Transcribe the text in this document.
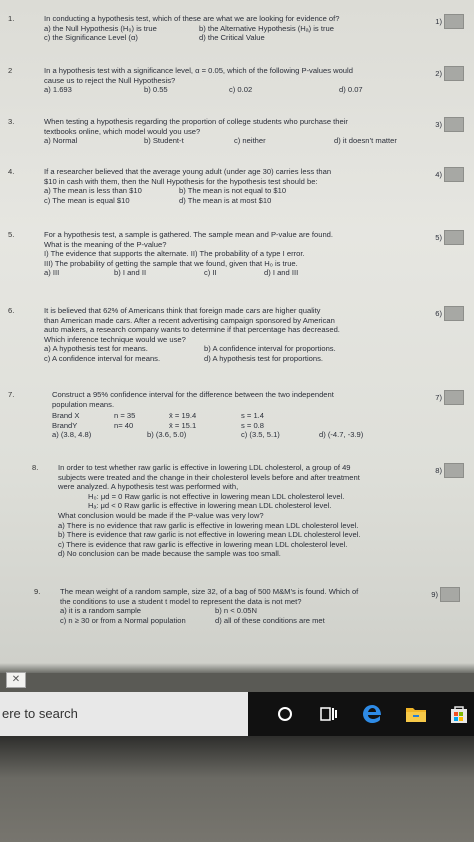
1.	In conducting a hypothesis test, which of these are what we are looking for evidence of?
a) the Null Hypothesis (H₀) is true	b) the Alternative Hypothesis (Hₐ) is true
c) the Significance Level (α)	d) the Critical Value
1)
2	In a hypothesis test with a significance level, α = 0.05, which of the following P-values would
cause us to reject the Null Hypothesis?
a) 1.693	b) 0.55	c) 0.02	d) 0.07
2)
3.	When testing a hypothesis regarding the proportion of college students who purchase their
textbooks online, which model would you use?
a) Normal	b) Student-t	c) neither	d) it doesn’t matter
3)
4.	If a researcher believed that the average young adult (under age 30) carries less than
$10 in cash with them, then the Null Hypothesis for the hypothesis test should be:
a) The mean is less than $10	b) The mean is not equal to $10
c) The mean is equal $10	d) The mean is at most $10
4)
5.	For a hypothesis test, a sample is gathered. The sample mean and P-value are found.
What is the meaning of the P-value?
I) The evidence that supports the alternate. II) The probability of a type I error.
III) The probability of getting the sample that we found, given that H₀ is true.
a) III	b) I and II	c) II	d) I and III
5)
6.	It is believed that 62% of Americans think that foreign made cars are higher quality
than American made cars. After a recent advertising campaign sponsored by American
auto makers, a research company wants to determine if that percentage has decreased.
Which inference technique would we use?
a) A hypothesis test for means.	b) A confidence interval for proportions.
c) A confidence interval for means.	d) A hypothesis test for proportions.
6)
7.	Construct a 95% confidence interval for the difference between the two independent
population means.
Brand X	n = 35	x̄ = 19.4	s = 1.4
BrandY	n= 40	x̄ = 15.1	s = 0.8
a) (3.8, 4.8)	b) (3.6, 5.0)	c) (3.5, 5.1)	d) (-4.7, -3.9)
7)
8.	In order to test whether raw garlic is effective in lowering LDL cholesterol, a group of 49
subjects were treated and the change in their cholesterol levels before and after treatment
were analyzed. A hypothesis test was performed with,
H₀: μd = 0 Raw garlic is not effective in lowering mean LDL cholesterol level.
Hₐ: μd < 0 Raw garlic is effective in lowering mean LDL cholesterol level.
What conclusion would be made if the P-value was very low?
a) There is no evidence that raw garlic is effective in lowering mean LDL cholesterol level.
b) There is evidence that raw garlic is not effective in lowering mean LDL cholesterol level.
c) There is evidence that raw garlic is effective in lowering mean LDL cholesterol level.
d) No conclusion can be made because the sample was too small.
8)
9.	The mean weight of a random sample, size 32, of a bag of 500 M&M’s is found. Which of
the conditions to use a student t model to represent the data is not met?
a) it is a random sample	b) n < 0.05N
c) n ≥ 30 or from a Normal population	d) all of these conditions are met
9)
✕
ere to search
